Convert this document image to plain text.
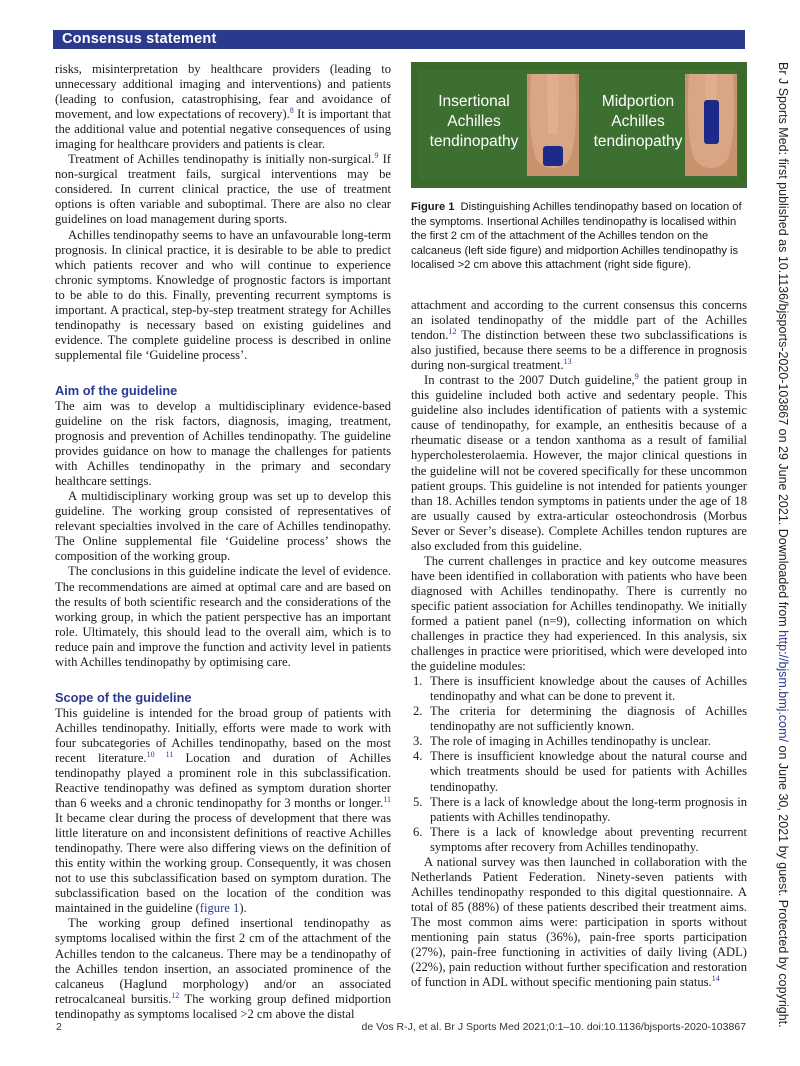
Consensus statement

risks, misinterpretation by healthcare providers (leading to unnecessary additional imaging and interventions) and patients (leading to confusion, catastrophising, fear and avoidance of movement, and low expectations of recovery).$^8$ It is important that the additional value and potential negative consequences of using imaging for healthcare providers and patients is clear.

Treatment of Achilles tendinopathy is initially non-surgical.$^9$ If non-surgical treatment fails, surgical interventions may be considered. In current clinical practice, the use of treatment options is often variable and suboptimal. There are also no clear guidelines on load management during sports.

Achilles tendinopathy seems to have an unfavourable long-term prognosis. In clinical practice, it is desirable to be able to predict which patients recover and who will continue to experience chronic symptoms. Knowledge of prognostic factors is important to be able to do this. Finally, preventing recurrent symptoms is important. A practical, step-by-step treatment strategy for Achilles tendinopathy is necessary based on existing guidelines and evidence. The complete guideline process is described in online supplemental file ‘Guideline process’.

Aim of the guideline

The aim was to develop a multidisciplinary evidence-based guideline on the risk factors, diagnosis, imaging, treatment, prognosis and prevention of Achilles tendinopathy. The guideline provides guidance on how to manage the challenges for patients with Achilles tendinopathy in the primary and secondary healthcare settings.

A multidisciplinary working group was set up to develop this guideline. The working group consisted of representatives of relevant specialties involved in the care of Achilles tendinopathy. The Online supplemental file ‘Guideline process’ shows the composition of the working group.

The conclusions in this guideline indicate the level of evidence. The recommendations are aimed at optimal care and are based on the results of both scientific research and the considerations of the working group, in which the patient perspective has an important role. Ultimately, this should lead to the overall aim, which is to reduce pain and improve the function and activity level in patients with Achilles tendinopathy by optimising care.

Scope of the guideline

This guideline is intended for the broad group of patients with Achilles tendinopathy. Initially, efforts were made to work with four subcategories of Achilles tendinopathy, based on the most recent literature.$^{10 11}$ Location and duration of Achilles tendinopathy played a prominent role in this subclassification. Reactive tendinopathy was defined as symptom duration shorter than 6 weeks and a chronic tendinopathy for 3 months or longer.$^{11}$ It became clear during the process of development that there was little literature on and inconsistent definitions of reactive Achilles tendinopathy. There were also differing views on the definition of this entity within the working group. Consequently, it was chosen not to use this subclassification based on symptom duration. The subclassification based on the location of the condition was maintained in the guideline (figure 1).

The working group defined insertional tendinopathy as symptoms localised within the first 2 cm of the attachment of the Achilles tendon to the calcaneus. There may be a tendinopathy of the Achilles tendon insertion, an associated prominence of the calcaneus (Haglund morphology) and/or an associated retrocalcaneal bursitis.$^{12}$ The working group defined midportion tendinopathy as symptoms localised >2 cm above the distal

Insertional Achilles tendinopathy
Midportion Achilles tendinopathy
Figure 1 Distinguishing Achilles tendinopathy based on location of the symptoms. Insertional Achilles tendinopathy is localised within the first 2 cm of the attachment of the Achilles tendon on the calcaneus (left side figure) and midportion Achilles tendinopathy is localised >2 cm above this attachment (right side figure).

attachment and according to the current consensus this concerns an isolated tendinopathy of the middle part of the Achilles tendon.$^{12}$ The distinction between these two subclassifications is also justified, because there seems to be a difference in prognosis during non-surgical treatment.$^{13}$

In contrast to the 2007 Dutch guideline,$^9$ the patient group in this guideline included both active and sedentary people. This guideline also includes identification of patients with a systemic cause of tendinopathy, for example, an enthesitis because of a rheumatic disease or a tendon xanthoma as a result of familial hypercholesterolaemia. However, the major clinical questions in the guideline will not be covered specifically for these uncommon patient groups. This guideline is not intended for patients younger than 18. Achilles tendon symptoms in patients under the age of 18 are usually caused by extra-articular osteochondrosis (Morbus Sever or Sever’s disease). Complete Achilles tendon ruptures are also excluded from this guideline.

The current challenges in practice and key outcome measures have been identified in collaboration with patients who have been diagnosed with Achilles tendinopathy. There is currently no specific patient association for Achilles tendinopathy. We initially formed a patient panel (n=9), collecting information on which challenges in practice they had experienced. In this analysis, six challenges in practice were prioritised, which were developed into the guideline modules:

1. There is insufficient knowledge about the causes of Achilles tendinopathy and what can be done to prevent it.
2. The criteria for determining the diagnosis of Achilles tendinopathy are not sufficiently known.
3. The role of imaging in Achilles tendinopathy is unclear.
4. There is insufficient knowledge about the natural course and which treatments should be used for patients with Achilles tendinopathy.
5. There is a lack of knowledge about the long-term prognosis in patients with Achilles tendinopathy.
6. There is a lack of knowledge about preventing recurrent symptoms after recovery from Achilles tendinopathy.

A national survey was then launched in collaboration with the Netherlands Patient Federation. Ninety-seven patients with Achilles tendinopathy responded to this digital questionnaire. A total of 85 (88%) of these patients described their treatment aims. The most common aims were: participation in sports without mentioning pain status (36%), pain-free sports participation (27%), pain-free functioning in activities of daily living (ADL) (22%), pain reduction without further specification and restoration of function in ADL without specific mentioning pain status.$^{14}$

2	de Vos R-J, et al. Br J Sports Med 2021;0:1–10. doi:10.1136/bjsports-2020-103867
Br J Sports Med: first published as 10.1136/bjsports-2020-103867 on 29 June 2021. Downloaded from http://bjsm.bmj.com/ on June 30, 2021 by guest. Protected by copyright.
